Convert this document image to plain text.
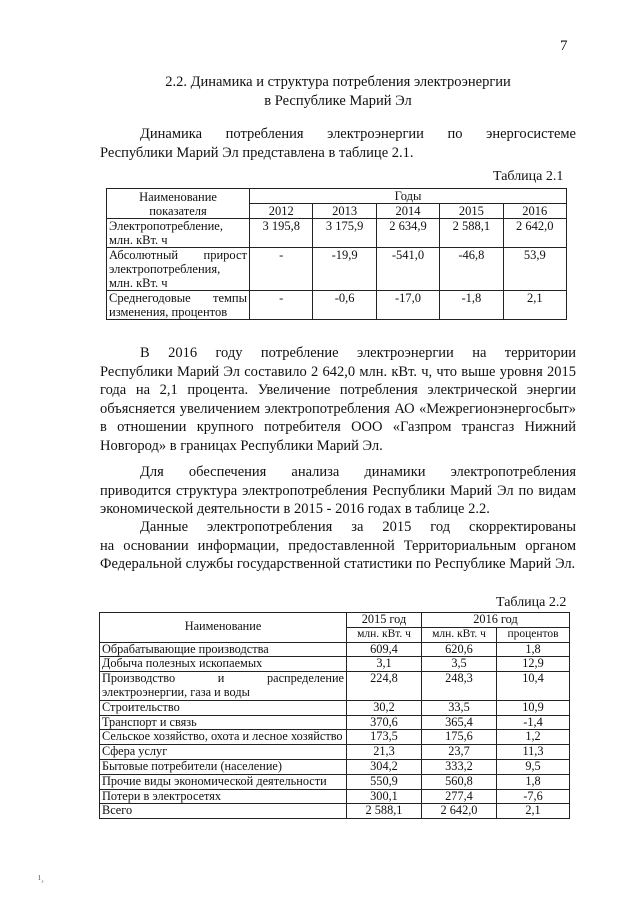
7
2.2. Динамика и структура потребления электроэнергии
в Республике Марий Эл
Динамика потребления электроэнергии по энергосистеме
Республики Марий Эл представлена в таблице 2.1.
Таблица 2.1
Наименование показателя	Годы				
	2012	2013	2014	2015	2016
Электропотребление, млн. кВт. ч	3 195,8	3 175,9	2 634,9	2 588,1	2 642,0
Абсолютный прирост электропотребления, млн. кВт. ч	-	-19,9	-541,0	-46,8	53,9
Среднегодовые темпы изменения, процентов	-	-0,6	-17,0	-1,8	2,1
В 2016 году потребление электроэнергии на территории
Республики Марий Эл составило 2 642,0 млн. кВт. ч, что выше уровня 2015 года на 2,1 процента. Увеличение потребления электрической энергии объясняется увеличением электропотребления АО «Межрегионэнергосбыт» в отношении крупного потребителя ООО «Газпром трансгаз Нижний Новгород» в границах Республики Марий Эл.
Для обеспечения анализа динамики электропотребления
приводится структура электропотребления Республики Марий Эл по видам экономической деятельности в 2015 - 2016 годах в таблице 2.2.
Данные электропотребления за 2015 год скорректированы
на основании информации, предоставленной Территориальным органом Федеральной службы государственной статистики по Республике Марий Эл.
Таблица 2.2
Наименование	2015 год	2016 год	
	млн. кВт. ч	млн. кВт. ч	процентов
Обрабатывающие производства	609,4	620,6	1,8
Добыча полезных ископаемых	3,1	3,5	12,9
Производство и распределение электроэнергии, газа и воды	224,8	248,3	10,4
Строительство	30,2	33,5	10,9
Транспорт и связь	370,6	365,4	-1,4
Сельское хозяйство, охота и лесное хозяйство	173,5	175,6	1,2
Сфера услуг	21,3	23,7	11,3
Бытовые потребители (население)	304,2	333,2	9,5
Прочие виды экономической деятельности	550,9	560,8	1,8
Потери в электросетях	300,1	277,4	-7,6
Всего	2 588,1	2 642,0	2,1
ı¸
